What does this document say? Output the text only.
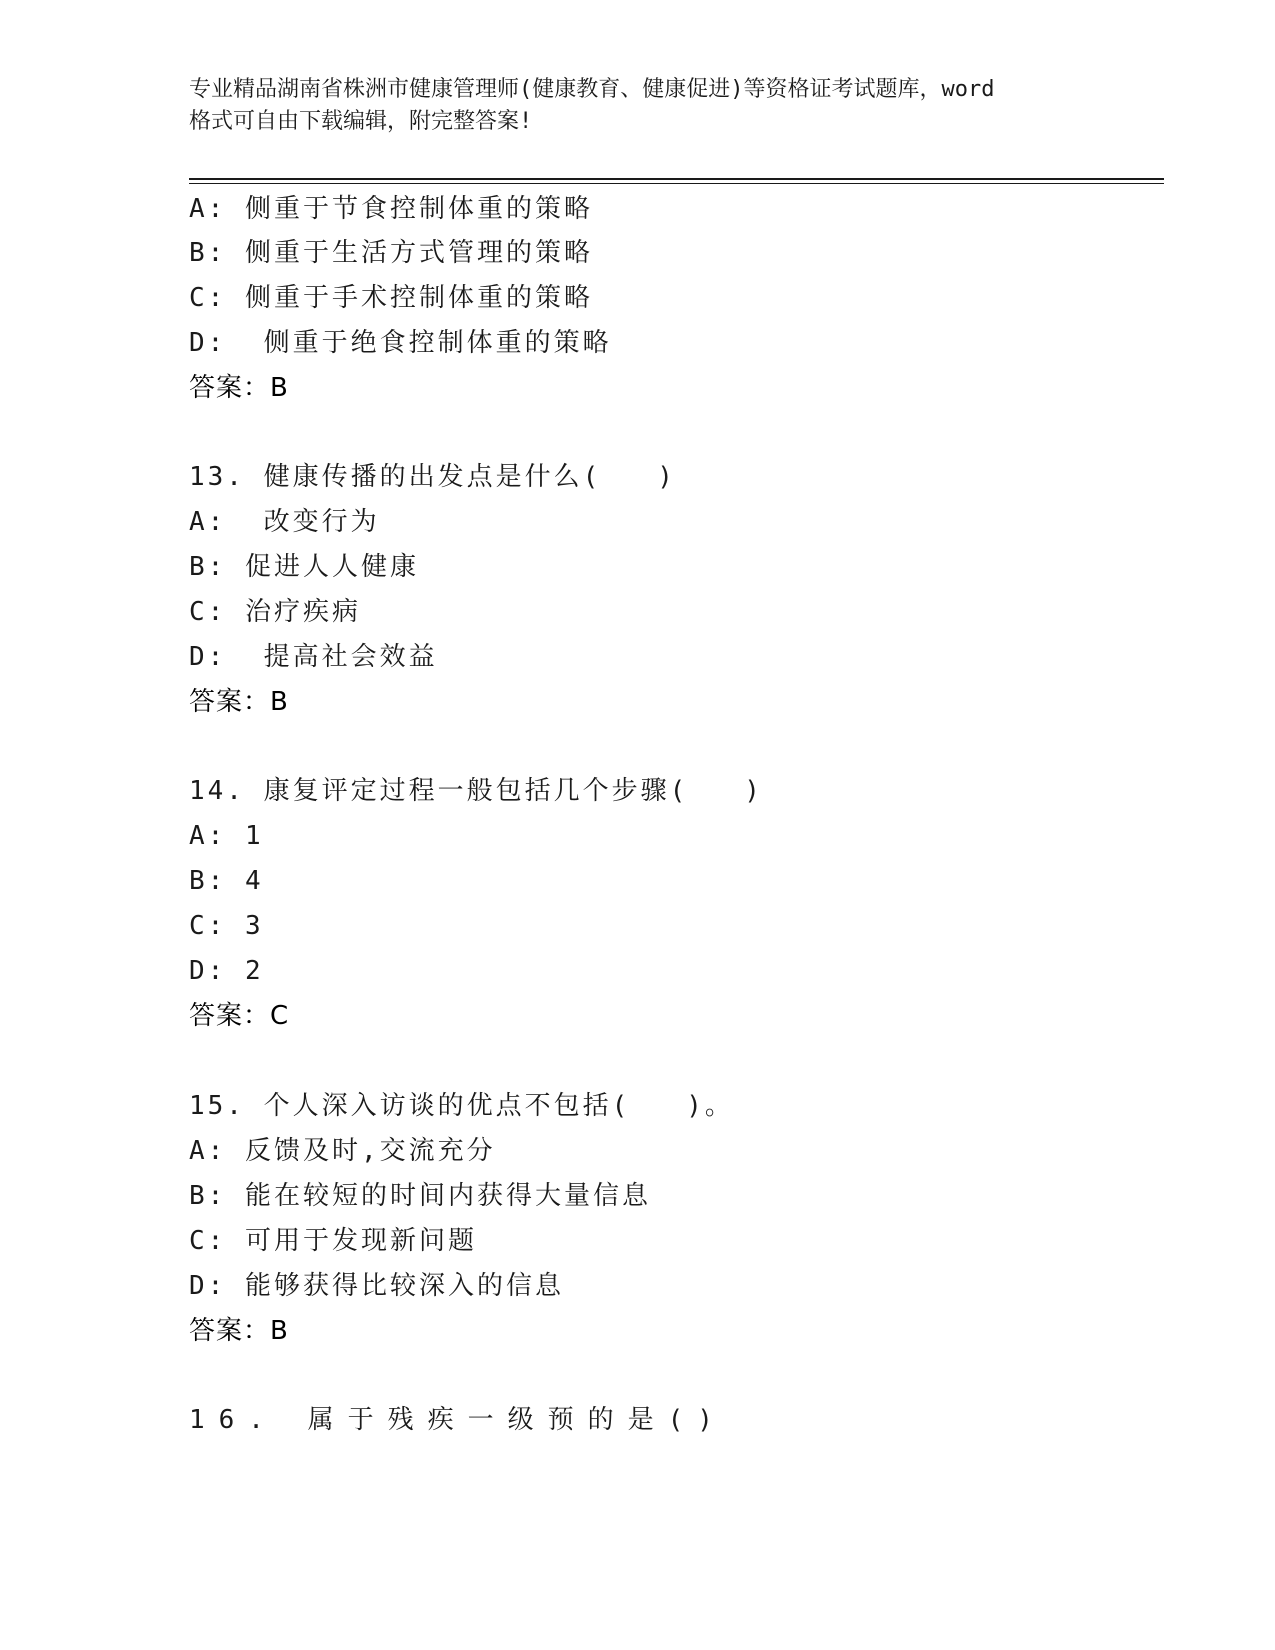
专业精品湖南省株洲市健康管理师(健康教育、健康促进)等资格证考试题库，word
格式可自由下载编辑，附完整答案!
A: 侧重于节食控制体重的策略
B: 侧重于生活方式管理的策略
C: 侧重于手术控制体重的策略
D:  侧重于绝食控制体重的策略
答案：B
13. 健康传播的出发点是什么(   )
A:  改变行为
B: 促进人人健康
C: 治疗疾病
D:  提高社会效益
答案：B
14. 康复评定过程一般包括几个步骤(   )
A: 1
B: 4
C: 3
D: 2
答案：C
15. 个人深入访谈的优点不包括(   )。
A: 反馈及时,交流充分
B: 能在较短的时间内获得大量信息
C: 可用于发现新问题
D: 能够获得比较深入的信息
答案：B
16. 属于残疾一级预的是()
